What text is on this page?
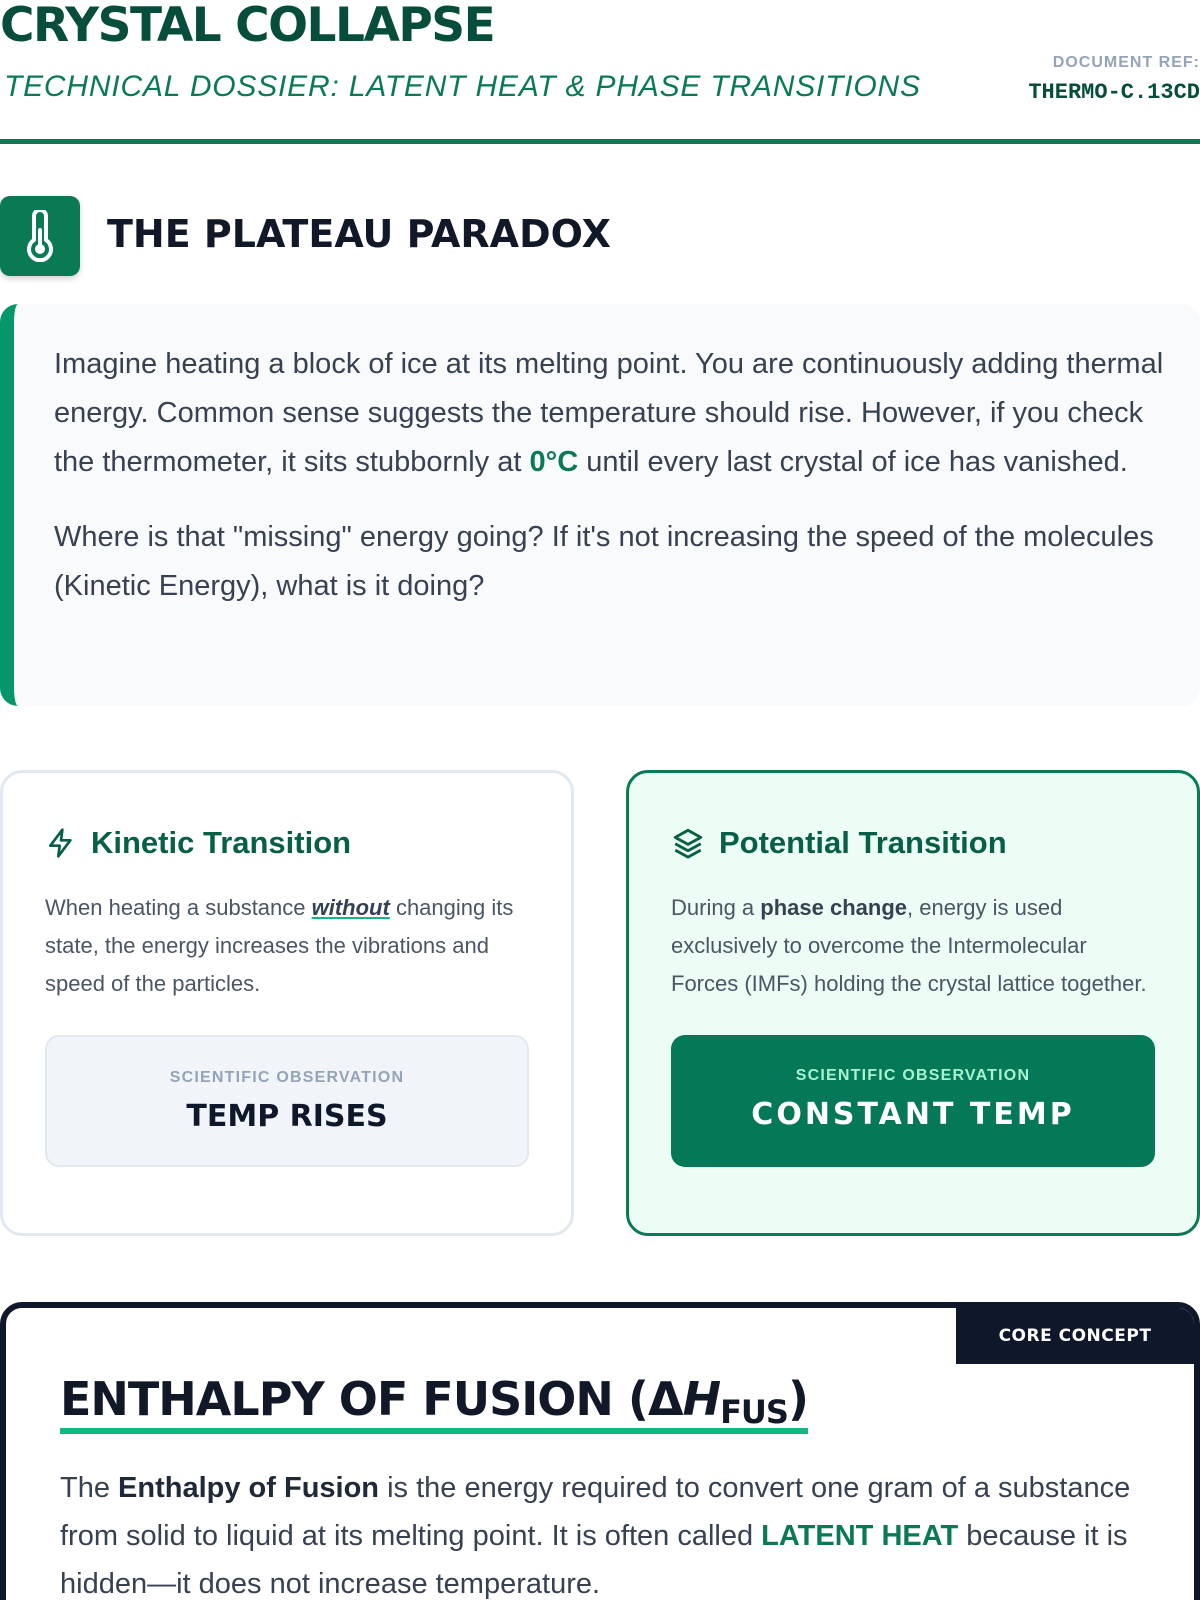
CRYSTAL COLLAPSE
TECHNICAL DOSSIER: LATENT HEAT & PHASE TRANSITIONS
DOCUMENT REF:
THERMO-C.13CD
THE PLATEAU PARADOX

Imagine heating a block of ice at its melting point. You are continuously adding thermal energy. Common sense suggests the temperature should rise. However, if you check the thermometer, it sits stubbornly at 0°C until every last crystal of ice has vanished.

Where is that "missing" energy going? If it's not increasing the speed of the molecules (Kinetic Energy), what is it doing?

Kinetic Transition
When heating a substance without changing its state, the energy increases the vibrations and speed of the particles.
SCIENTIFIC OBSERVATION
TEMP RISES
Potential Transition
During a phase change, energy is used exclusively to overcome the Intermolecular Forces (IMFs) holding the crystal lattice together.
SCIENTIFIC OBSERVATION
CONSTANT TEMP
CORE CONCEPT
ENTHALPY OF FUSION (ΔHFUS)
The Enthalpy of Fusion is the energy required to convert one gram of a substance from solid to liquid at its melting point. It is often called LATENT HEAT because it is hidden—it does not increase temperature.
